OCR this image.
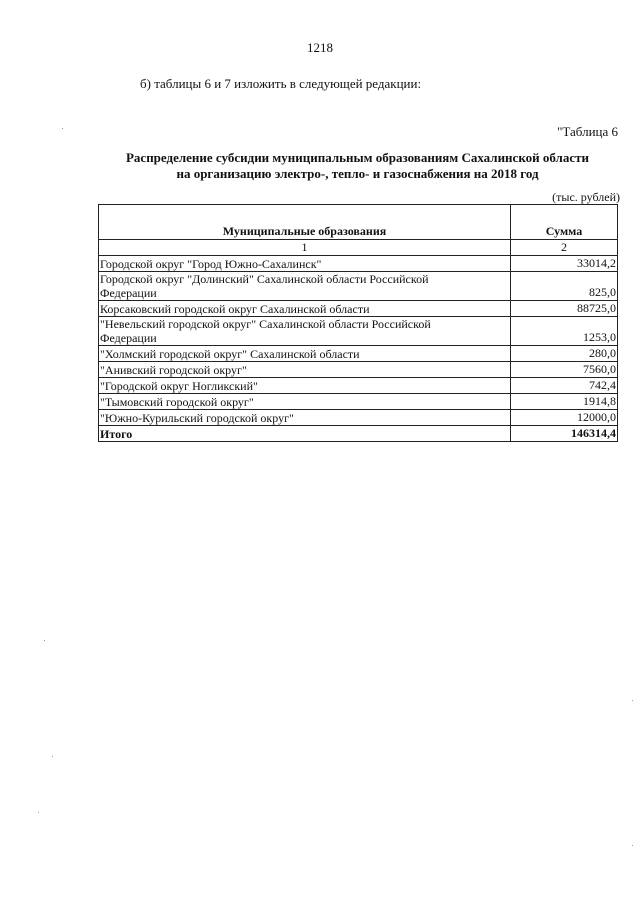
1218
б) таблицы 6 и 7 изложить в следующей редакции:
"Таблица 6
Распределение субсидии муниципальным образованиям Сахалинской области
на организацию электро-, тепло- и газоснабжения на 2018 год
(тыс. рублей)
Муниципальные образования	Сумма
1	2

Городской округ "Город Южно-Сахалинск"	33014,2

Городской округ "Долинский" Сахалинской области Российской
Федерации	825,0

Корсаковский городской округ Сахалинской области	88725,0

"Невельский городской округ" Сахалинской области Российской
Федерации	1253,0

"Холмский городской округ" Сахалинской области	280,0

"Анивский городской округ"	7560,0

"Городской округ Ногликский"	742,4

"Тымовский городской округ"	1914,8

"Южно-Курильский городской округ"	12000,0
Итого	146314,4
